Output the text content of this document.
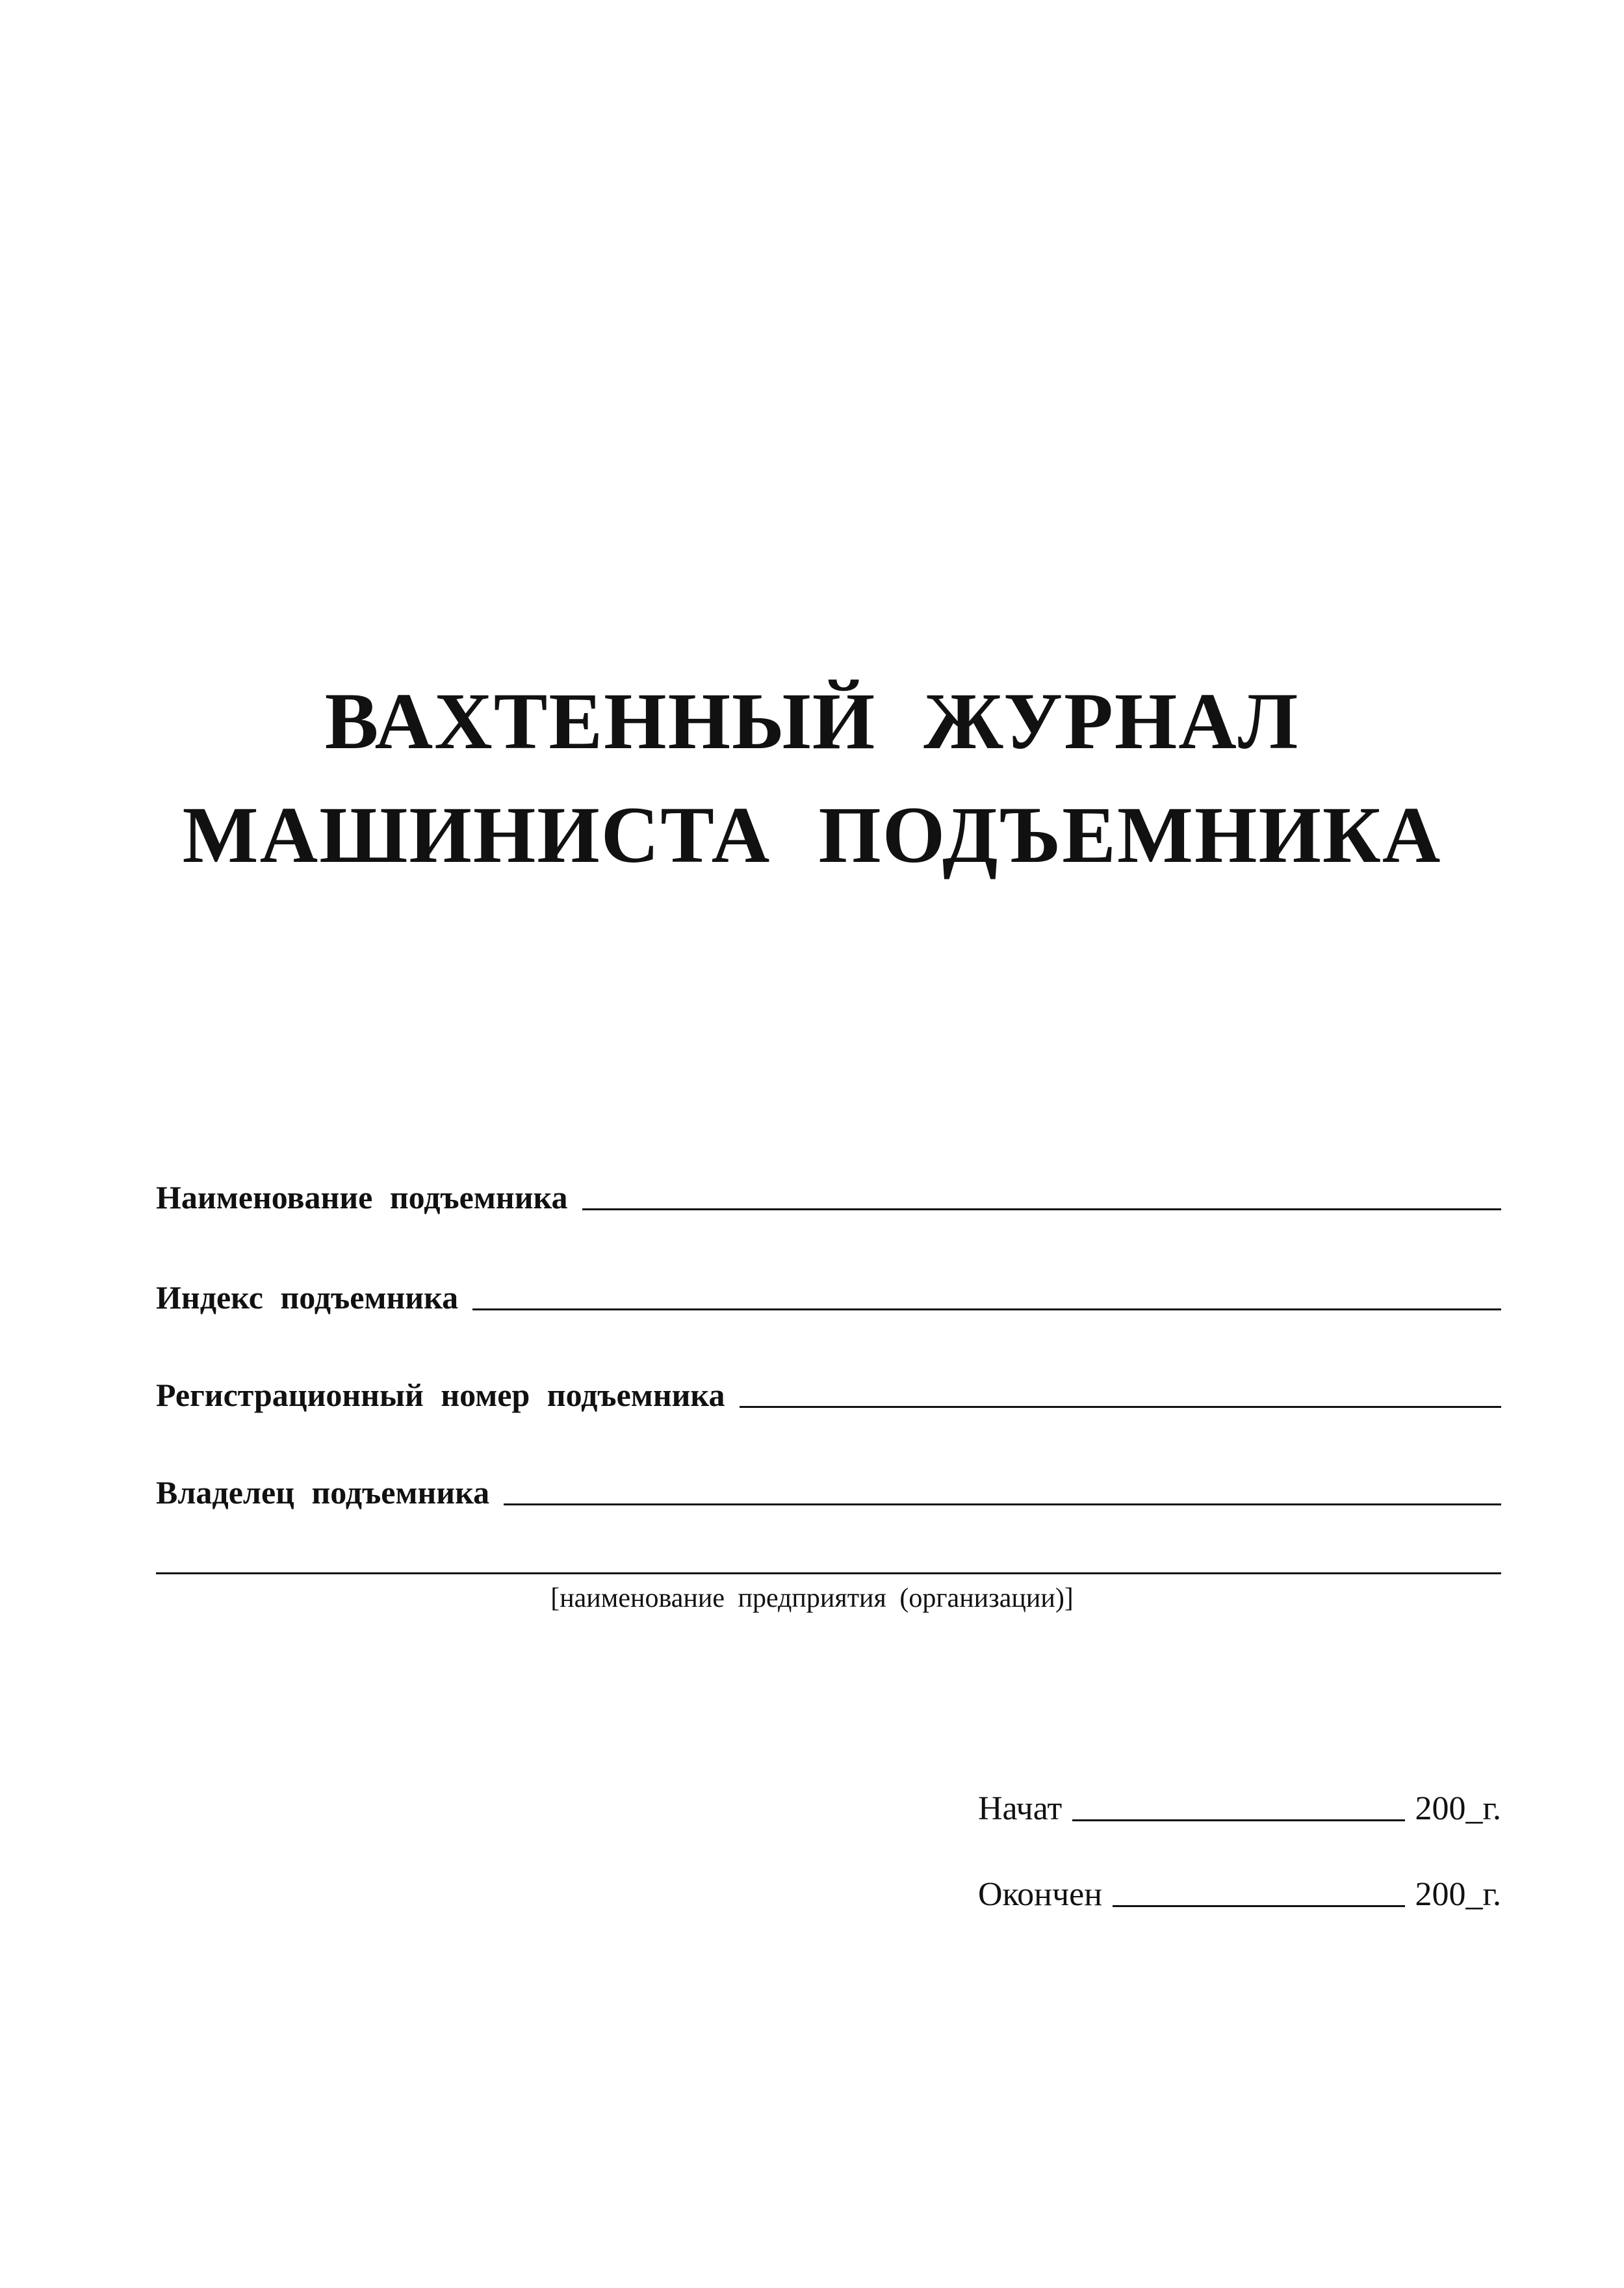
ВАХТЕННЫЙ ЖУРНАЛ
МАШИНИСТА ПОДЪЕМНИКА
Наименование подъемника
Индекс подъемника
Регистрационный номер подъемника
Владелец подъемника
[наименование предприятия (организации)]
Начат	200_г.
Окончен	200_г.
